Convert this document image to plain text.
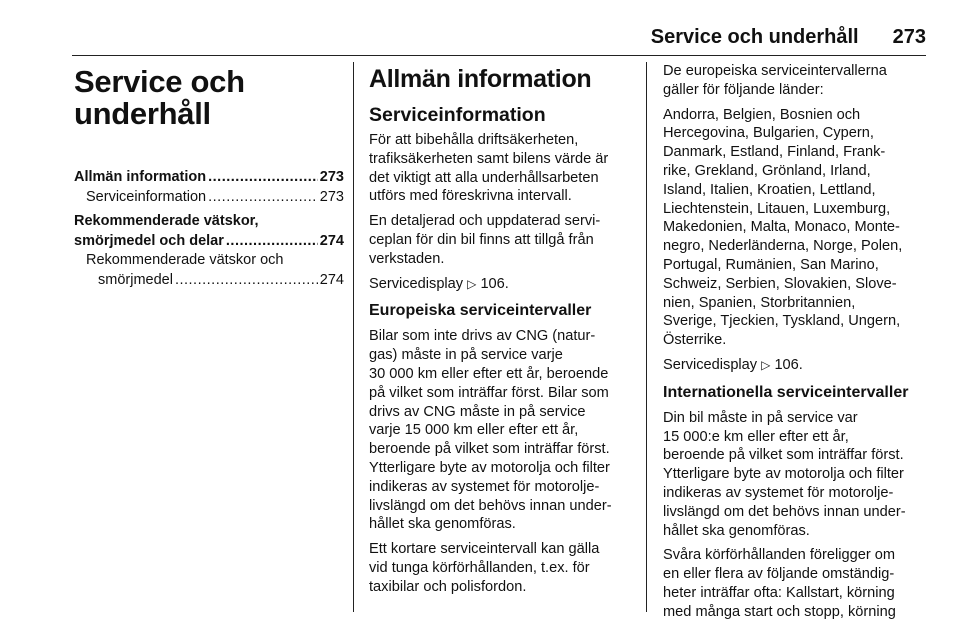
Service och underhåll 273
Service och
underhåll
Allmän information .....	273
Serviceinformation .....	273
Rekommenderade vätskor,
smörjmedel och delar .....	274
Rekommenderade vätskor och
smörjmedel .....	274
Allmän information
Serviceinformation
För att bibehålla driftsäkerheten,
trafiksäkerheten samt bilens värde är
det viktigt att alla underhållsarbeten
utförs med föreskrivna intervall.
En detaljerad och uppdaterad servi-
ceplan för din bil finns att tillgå från
verkstaden.
Servicedisplay ▷ 106.
Europeiska serviceintervaller
Bilar som inte drivs av CNG (natur-
gas) måste in på service varje
30 000 km eller efter ett år, beroende
på vilket som inträffar först. Bilar som
drivs av CNG måste in på service
varje 15 000 km eller efter ett år,
beroende på vilket som inträffar först.
Ytterligare byte av motorolja och filter
indikeras av systemet för motorolje-
livslängd om det behövs innan under-
hållet ska genomföras.
Ett kortare serviceintervall kan gälla
vid tunga körförhållanden, t.ex. för
taxibilar och polisfordon.
De europeiska serviceintervallerna
gäller för följande länder:
Andorra, Belgien, Bosnien och
Hercegovina, Bulgarien, Cypern,
Danmark, Estland, Finland, Frank-
rike, Grekland, Grönland, Irland,
Island, Italien, Kroatien, Lettland,
Liechtenstein, Litauen, Luxemburg,
Makedonien, Malta, Monaco, Monte-
negro, Nederländerna, Norge, Polen,
Portugal, Rumänien, San Marino,
Schweiz, Serbien, Slovakien, Slove-
nien, Spanien, Storbritannien,
Sverige, Tjeckien, Tyskland, Ungern,
Österrike.
Servicedisplay ▷ 106.
Internationella serviceintervaller
Din bil måste in på service var
15 000:e km eller efter ett år,
beroende på vilket som inträffar först.
Ytterligare byte av motorolja och filter
indikeras av systemet för motorolje-
livslängd om det behövs innan under-
hållet ska genomföras.
Svåra körförhållanden föreligger om
en eller flera av följande omständig-
heter inträffar ofta: Kallstart, körning
med många start och stopp, körning
